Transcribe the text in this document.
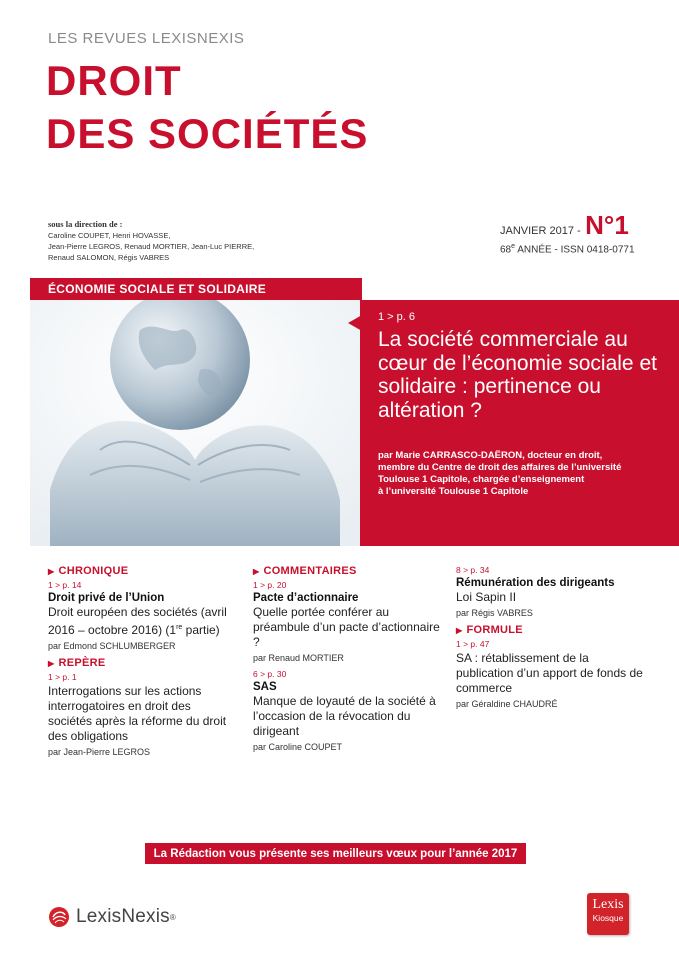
LES REVUES LEXISNEXIS
DROIT
DES SOCIÉTÉS
sous la direction de :
Caroline COUPET, Henri HOVASSE,
Jean-Pierre LEGROS, Renaud MORTIER, Jean-Luc PIERRE,
Renaud SALOMON, Régis VABRES
JANVIER 2017 - N°1
68e ANNÉE - ISSN 0418-0771
ÉCONOMIE SOCIALE ET SOLIDAIRE
1 > p. 6
La société commerciale au cœur de l’économie sociale et solidaire : pertinence ou altération ?
par Marie CARRASCO-DAËRON, docteur en droit,
membre du Centre de droit des affaires de l’université
Toulouse 1 Capitole, chargée d’enseignement
à l’université Toulouse 1 Capitole
▶ CHRONIQUE
1 > p. 14
Droit privé de l’Union
Droit européen des sociétés (avril 2016 – octobre 2016) (1re partie)
par Edmond SCHLUMBERGER
▶ REPÈRE
1 > p. 1
Interrogations sur les actions interrogatoires en droit des sociétés après la réforme du droit des obligations
par Jean-Pierre LEGROS
▶ COMMENTAIRES
1 > p. 20
Pacte d’actionnaire
Quelle portée conférer au préambule d’un pacte d’actionnaire ?
par Renaud MORTIER
6 > p. 30
SAS
Manque de loyauté de la société à l’occasion de la révocation du dirigeant
par Caroline COUPET
8 > p. 34
Rémunération des dirigeants
Loi Sapin II
par Régis VABRES
▶ FORMULE
1 > p. 47
SA : rétablissement de la publication d’un apport de fonds de commerce
par Géraldine CHAUDRÉ
La Rédaction vous présente ses meilleurs vœux pour l’année 2017
LexisNexis ®
Lexis
Kiosque
